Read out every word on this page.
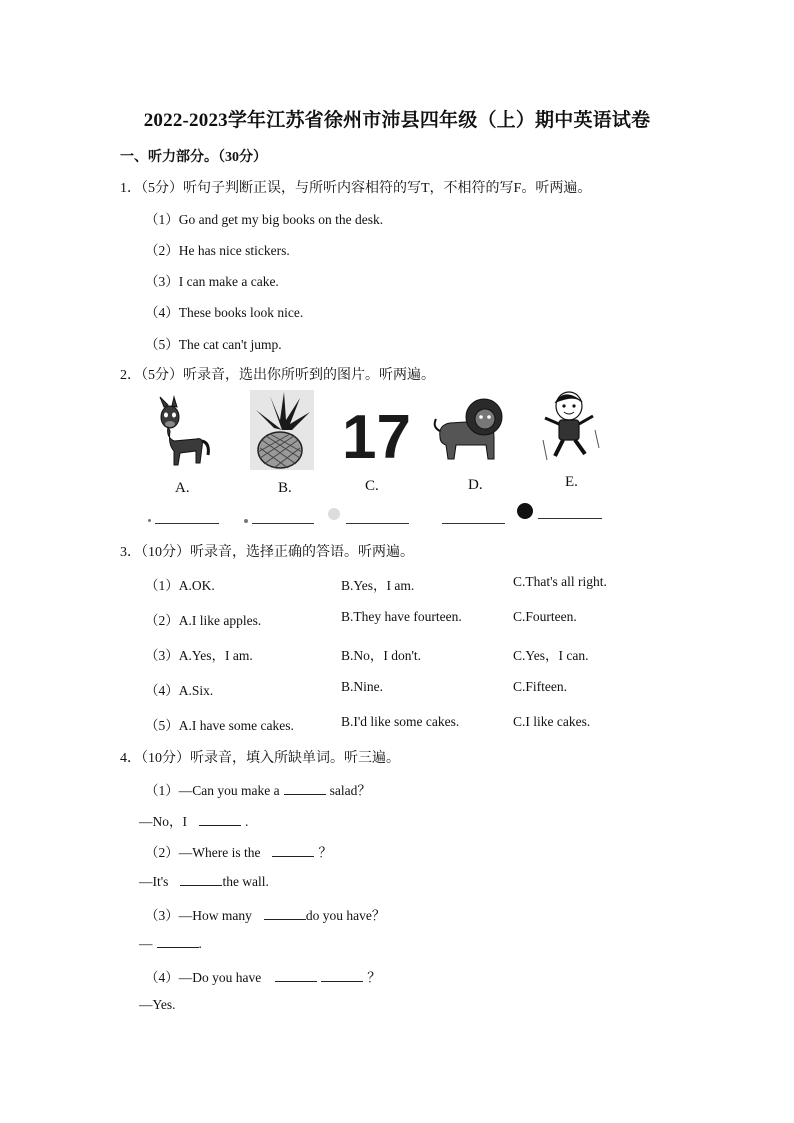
2022-2023学年江苏省徐州市沛县四年级（上）期中英语试卷
一、听力部分。（30分）
1．（5分）听句子判断正误，与所听内容相符的写T，不相符的写F。听两遍。
（1）Go and get my big books on the desk.
（2）He has nice stickers.
（3）I can make a cake.
（4）These books look nice.
（5）The cat can't jump.
2．（5分）听录音，选出你所听到的图片。听两遍。
A.	B.
17
C.	D.	E.
3．（10分）听录音，选择正确的答语。听两遍。
（1）A.OK.	B.Yes，I am.	C.That's all right.
（2）A.I like apples.	B.They have fourteen.	C.Fourteen.
（3）A.Yes，I am.	B.No，I don't.	C.Yes，I can.
（4）A.Six.	B.Nine.	C.Fifteen.
（5）A.I have some cakes.	B.I'd like some cakes.	C.I like cakes.
4．（10分）听录音，填入所缺单词。听三遍。
（1）—Can you make a	salad？
—No，I	.
（2）—Where is the	？
—It's	the wall.
（3）—How many	do you have？
—	.
（4）—Do you have	？
—Yes.
